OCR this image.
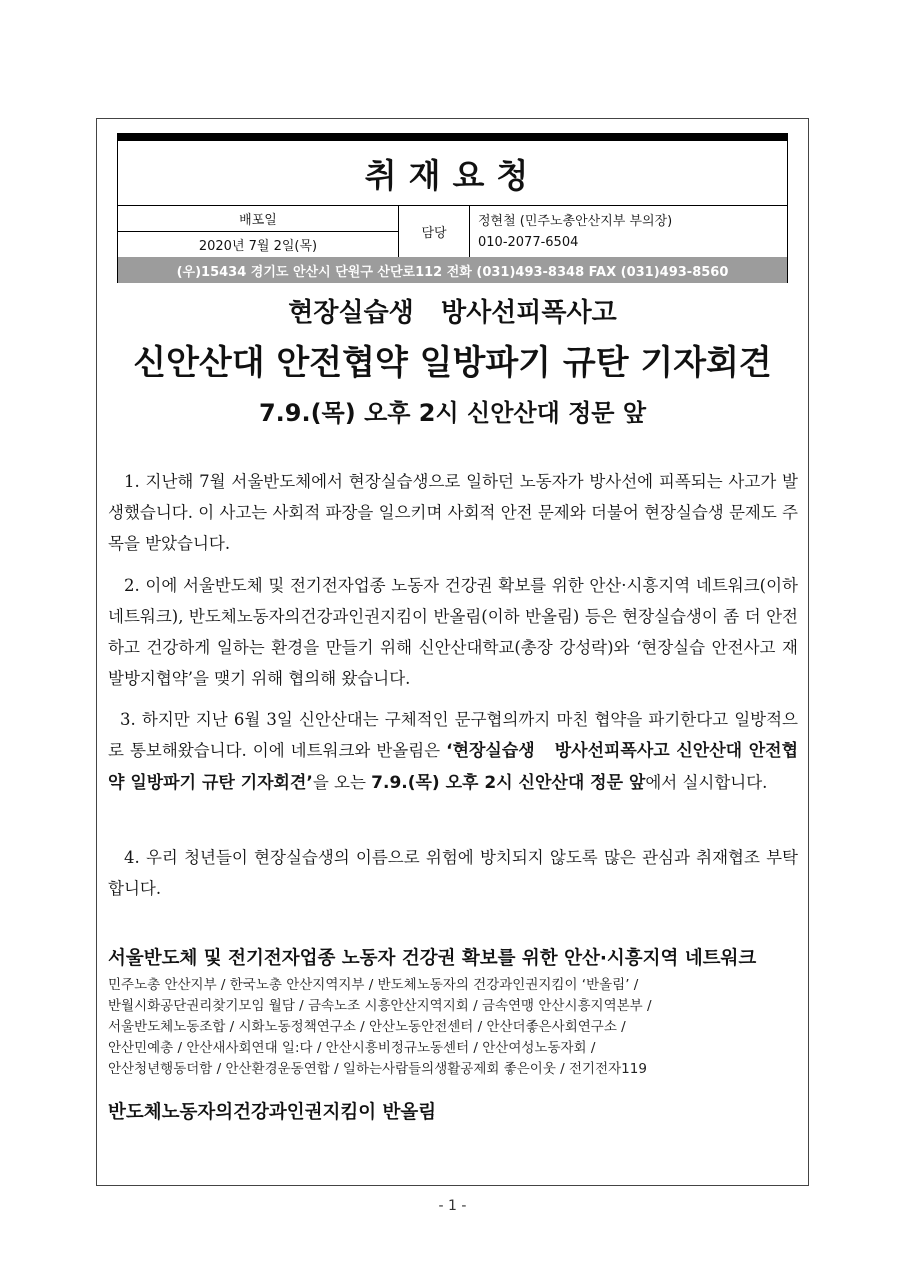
취재요청
배포일
2020년 7월 2일(목)
담당
정현철 (민주노총안산지부 부의장)
010-2077-6504
(우)15434 경기도 안산시 단원구 산단로112 전화 (031)493-8348 FAX (031)493-8560
현장실습생   방사선피폭사고
신안산대 안전협약 일방파기 규탄 기자회견
7.9.(목) 오후 2시 신안산대 정문 앞
1. 지난해 7월 서울반도체에서 현장실습생으로 일하던 노동자가 방사선에 피폭되는 사고가 발생했습니다. 이 사고는 사회적 파장을 일으키며 사회적 안전 문제와 더불어 현장실습생 문제도 주목을 받았습니다.
2. 이에 서울반도체 및 전기전자업종 노동자 건강권 확보를 위한 안산·시흥지역 네트워크(이하 네트워크), 반도체노동자의건강과인권지킴이 반올림(이하 반올림) 등은 현장실습생이 좀 더 안전하고 건강하게 일하는 환경을 만들기 위해 신안산대학교(총장 강성락)와 ‘현장실습 안전사고 재발방지협약’을 맺기 위해 협의해 왔습니다.
3. 하지만 지난 6월 3일 신안산대는 구체적인 문구협의까지 마친 협약을 파기한다고 일방적으로 통보해왔습니다. 이에 네트워크와 반올림은 ‘현장실습생   방사선피폭사고 신안산대 안전협약 일방파기 규탄 기자회견’을 오는 7.9.(목) 오후 2시 신안산대 정문 앞에서 실시합니다.
4. 우리 청년들이 현장실습생의 이름으로 위험에 방치되지 않도록 많은 관심과 취재협조 부탁합니다.
서울반도체 및 전기전자업종 노동자 건강권 확보를 위한 안산·시흥지역 네트워크
민주노총 안산지부 / 한국노총 안산지역지부 / 반도체노동자의 건강과인권지킴이 ‘반올림’ /
반월시화공단권리찾기모임 월담 / 금속노조 시흥안산지역지회 / 금속연맹 안산시흥지역본부 /
서울반도체노동조합 / 시화노동정책연구소 / 안산노동안전센터 / 안산더좋은사회연구소 /
안산민예총 / 안산새사회연대 일:다 / 안산시흥비정규노동센터 / 안산여성노동자회 /
안산청년행동더함 / 안산환경운동연합 / 일하는사람들의생활공제회 좋은이웃 / 전기전자119
반도체노동자의건강과인권지킴이 반올림
- 1 -
